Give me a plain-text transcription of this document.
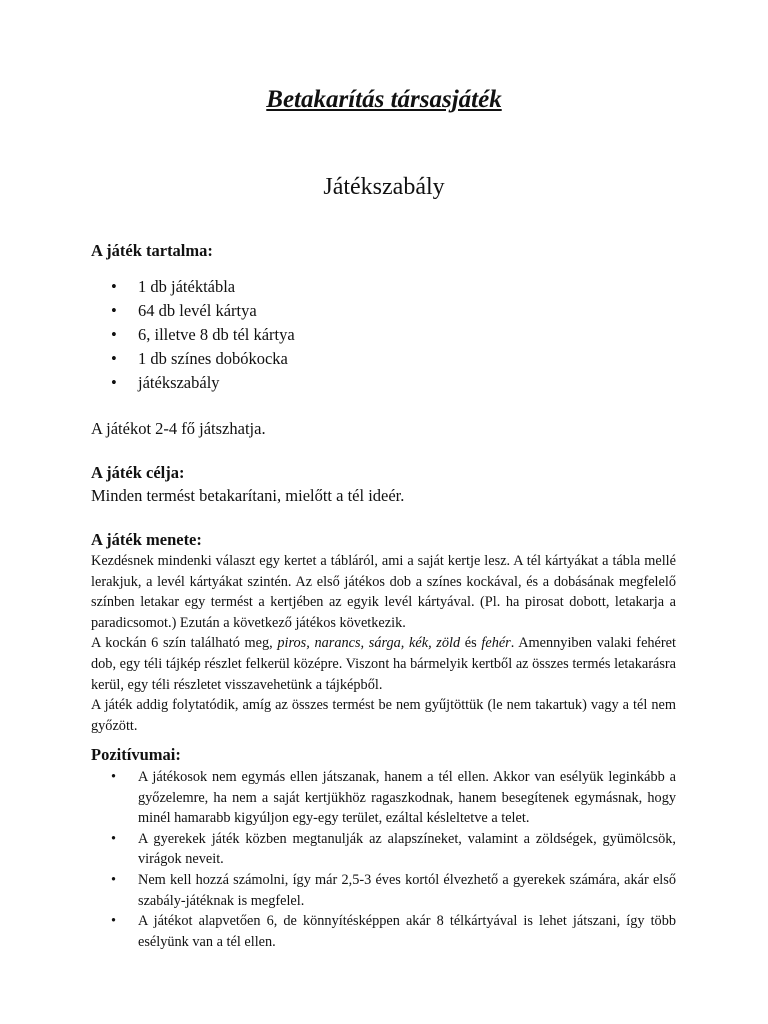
Betakarítás társasjáték
Játékszabály

A játék tartalma:

• 1 db játéktábla
• 64 db levél kártya
• 6, illetve 8 db tél kártya
• 1 db színes dobókocka
• játékszabály

A játékot 2-4 fő játszhatja.

A játék célja:

Minden termést betakarítani, mielőtt a tél ideér.

A játék menete:

Kezdésnek mindenki választ egy kertet a tábláról, ami a saját kertje lesz. A tél kártyákat a tábla mellé lerakjuk, a levél kártyákat szintén. Az első játékos dob a színes kockával, és a dobásának megfelelő színben letakar egy termést a kertjében az egyik levél kártyával. (Pl. ha pirosat dobott, letakarja a paradicsomot.) Ezután a következő játékos következik.

A kockán 6 szín található meg, piros, narancs, sárga, kék, zöld és fehér. Amennyiben valaki fehéret dob, egy téli tájkép részlet felkerül középre. Viszont ha bármelyik kertből az összes termés letakarásra kerül, egy téli részletet visszavehetünk a tájképből.

A játék addig folytatódik, amíg az összes termést be nem gyűjtöttük (le nem takartuk) vagy a tél nem győzött.

Pozitívumai:

• A játékosok nem egymás ellen játszanak, hanem a tél ellen. Akkor van esélyük leginkább a győzelemre, ha nem a saját kertjükhöz ragaszkodnak, hanem besegítenek egymásnak, hogy minél hamarabb kigyúljon egy-egy terület, ezáltal késleltetve a telet.
• A gyerekek játék közben megtanulják az alapszíneket, valamint a zöldségek, gyümölcsök, virágok neveit.
• Nem kell hozzá számolni, így már 2,5-3 éves kortól élvezhető a gyerekek számára, akár első szabály-játéknak is megfelel.
• A játékot alapvetően 6, de könnyítésképpen akár 8 télkártyával is lehet játszani, így több esélyünk van a tél ellen.
